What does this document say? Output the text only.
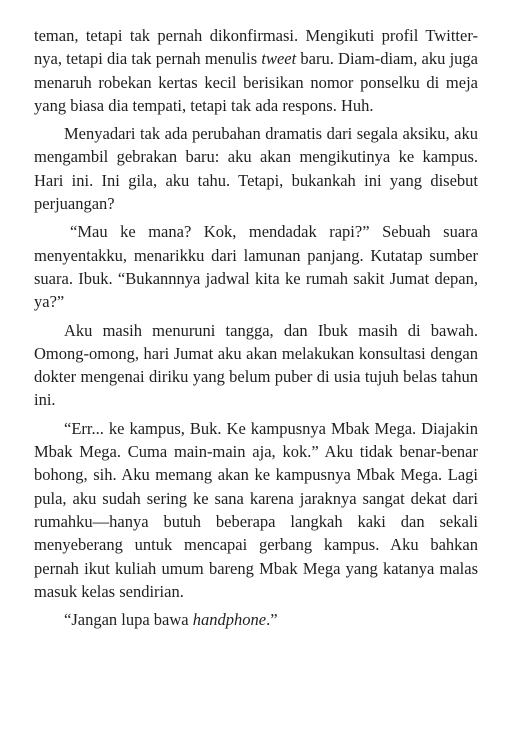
teman, tetapi tak pernah dikonfirmasi. Mengikuti profil Twitter-nya, tetapi dia tak pernah menulis tweet baru. Diam-diam, aku juga menaruh robekan kertas kecil berisikan nomor ponselku di meja yang biasa dia tempati, tetapi tak ada respons. Huh.

Menyadari tak ada perubahan dramatis dari segala aksiku, aku mengambil gebrakan baru: aku akan mengikutinya ke kampus. Hari ini. Ini gila, aku tahu. Tetapi, bukankah ini yang disebut perjuangan?

“Mau ke mana? Kok, mendadak rapi?” Sebuah suara menyentakku, menarikku dari lamunan panjang. Kutatap sumber suara. Ibuk. “Bukannnya jadwal kita ke rumah sakit Jumat depan, ya?”

Aku masih menuruni tangga, dan Ibuk masih di bawah. Omong-omong, hari Jumat aku akan melakukan konsultasi dengan dokter mengenai diriku yang belum puber di usia tujuh belas tahun ini.

“Err... ke kampus, Buk. Ke kampusnya Mbak Mega. Diajakin Mbak Mega. Cuma main-main aja, kok.” Aku tidak benar-benar bohong, sih. Aku memang akan ke kampusnya Mbak Mega. Lagi pula, aku sudah sering ke sana karena jaraknya sangat dekat dari rumahku—hanya butuh beberapa langkah kaki dan sekali menyeberang untuk mencapai gerbang kampus. Aku bahkan pernah ikut kuliah umum bareng Mbak Mega yang katanya malas masuk kelas sendirian.

“Jangan lupa bawa handphone.”
